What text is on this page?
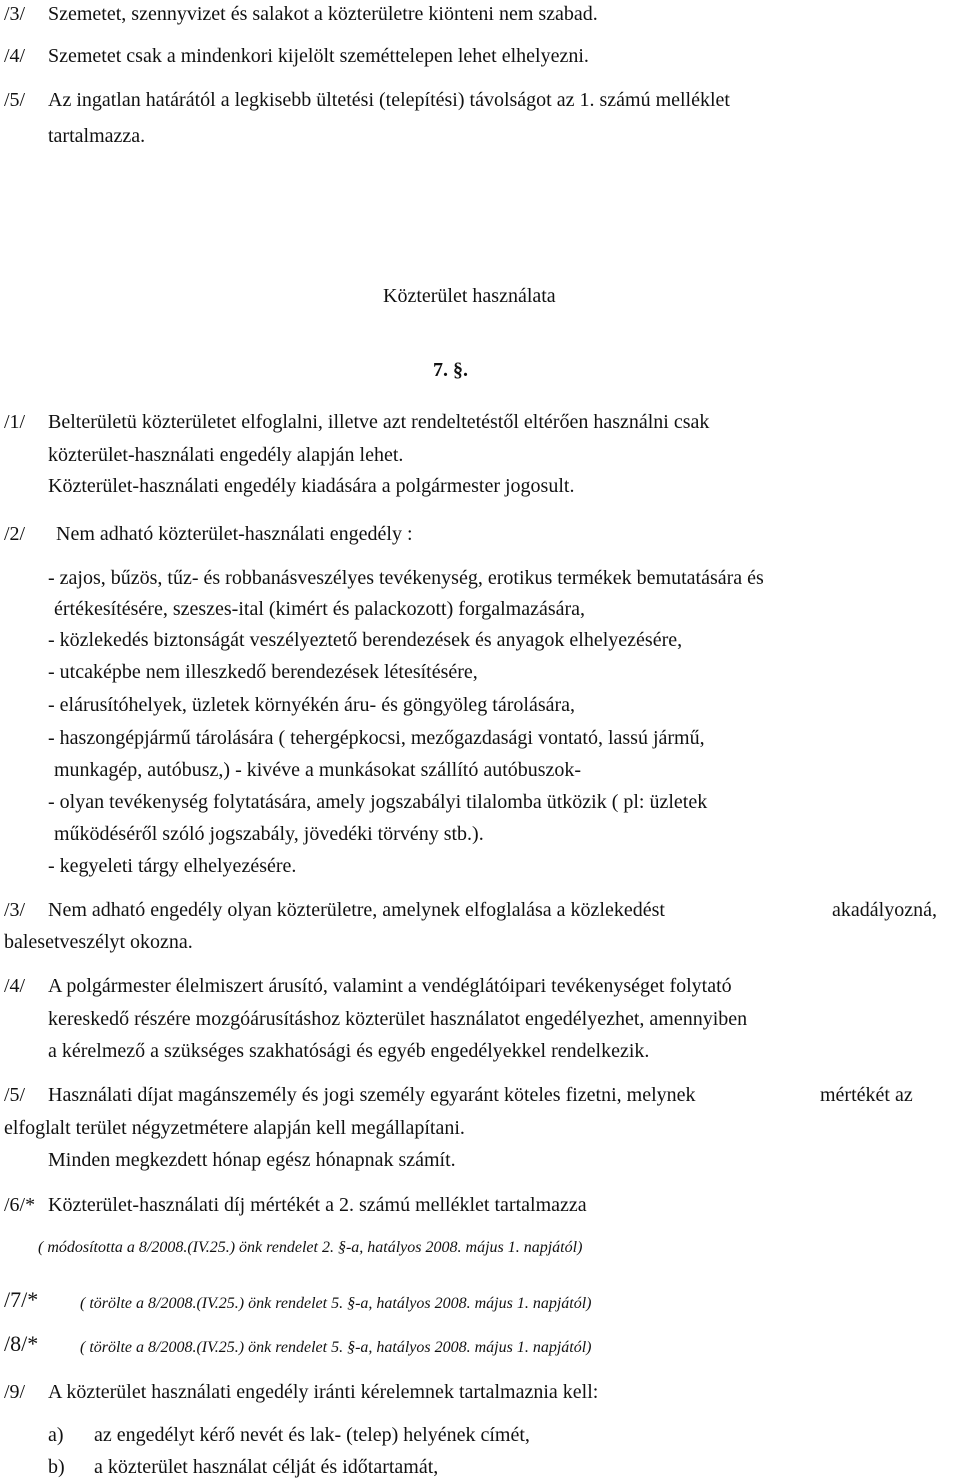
/3/ Szemetet, szennyvizet és salakot a közterületre kiönteni nem szabad.
/4/ Szemetet csak a mindenkori kijelölt szeméttelepen lehet elhelyezni.
/5/ Az ingatlan határától a legkisebb ültetési (telepítési) távolságot az 1. számú melléklet
tartalmazza.
Közterület használata
7. §.
/1/ Belterületü közterületet elfoglalni, illetve azt rendeltetéstől eltérően használni csak
közterület-használati engedély alapján lehet.
Közterület-használati engedély kiadására a polgármester jogosult.
/2/ Nem adható közterület-használati engedély :
- zajos, bűzös, tűz- és robbanásveszélyes tevékenység, erotikus termékek bemutatására és
értékesítésére, szeszes-ital (kimért és palackozott) forgalmazására,
- közlekedés biztonságát veszélyeztető berendezések és anyagok elhelyezésére,
- utcaképbe nem illeszkedő berendezések létesítésére,
- elárusítóhelyek, üzletek környékén áru- és göngyöleg tárolására,
- haszongépjármű tárolására ( tehergépkocsi, mezőgazdasági vontató, lassú jármű,
munkagép, autóbusz,) - kivéve a munkásokat szállító autóbuszok-
- olyan tevékenység folytatására, amely jogszabályi tilalomba ütközik ( pl: üzletek
működéséről szóló jogszabály, jövedéki törvény stb.).
- kegyeleti tárgy elhelyezésére.
/3/ Nem adható engedély olyan közterületre, amelynek elfoglalása a közlekedést	akadályozná,
balesetveszélyt okozna.
/4/ A polgármester élelmiszert árusító, valamint a vendéglátóipari tevékenységet folytató
kereskedő részére mozgóárusításhoz közterület használatot engedélyezhet, amennyiben
a kérelmező a szükséges szakhatósági és egyéb engedélyekkel rendelkezik.
/5/ Használati díjat magánszemély és jogi személy egyaránt köteles fizetni, melynek	mértékét az
elfoglalt terület négyzetmétere alapján kell megállapítani.
Minden megkezdett hónap egész hónapnak számít.
/6/* Közterület-használati díj mértékét a 2. számú melléklet tartalmazza
( módosította a 8/2008.(IV.25.) önk rendelet 2. §-a, hatályos 2008. május 1. napjától)
/7/*	( törölte a 8/2008.(IV.25.) önk rendelet 5. §-a, hatályos 2008. május 1. napjától)
/8/*	( törölte a 8/2008.(IV.25.) önk rendelet 5. §-a, hatályos 2008. május 1. napjától)
/9/ A közterület használati engedély iránti kérelemnek tartalmaznia kell:
a) az engedélyt kérő nevét és lak- (telep) helyének címét,
b) a közterület használat célját és időtartamát,
